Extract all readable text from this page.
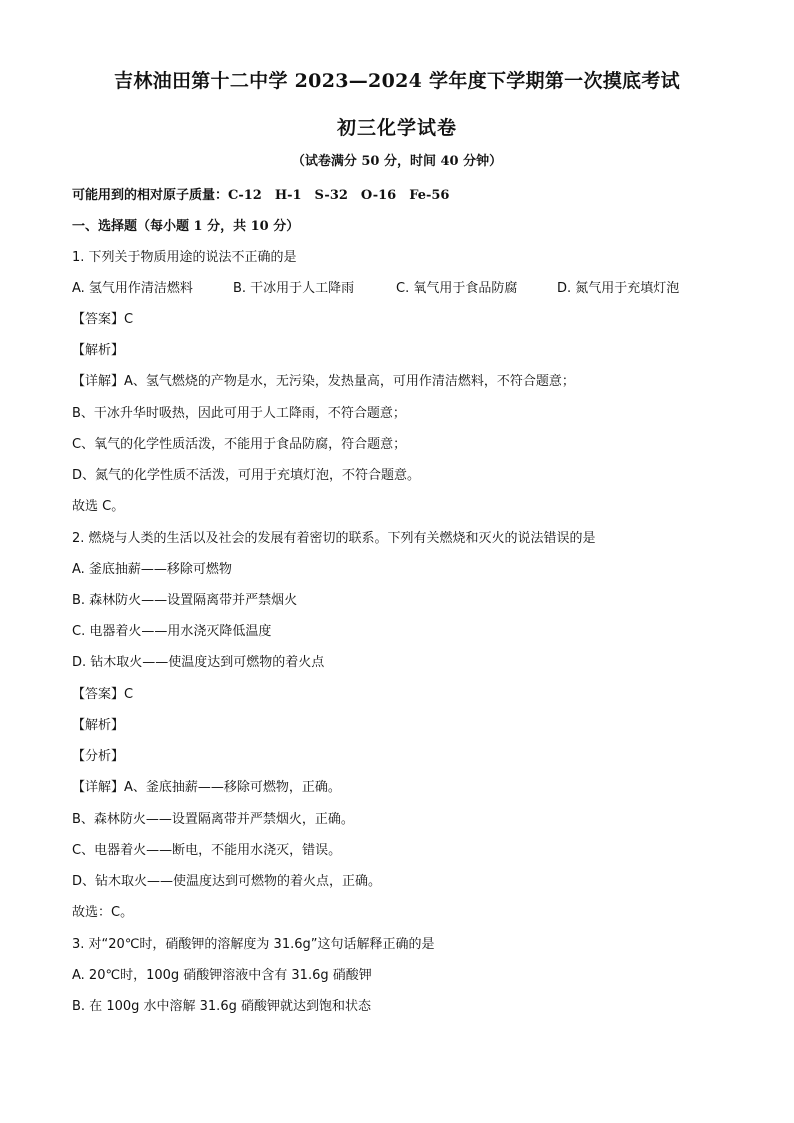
吉林油田第十二中学 2023—2024 学年度下学期第一次摸底考试
初三化学试卷
（试卷满分 50 分，时间 40 分钟）
可能用到的相对原子质量：C-12　H-1　S-32　O-16　Fe-56
一、选择题（每小题 1 分，共 10 分）
1. 下列关于物质用途的说法不正确的是
A. 氢气用作清洁燃料	B. 干冰用于人工降雨	C. 氧气用于食品防腐	D. 氮气用于充填灯泡
【答案】C
【解析】
【详解】A、氢气燃烧的产物是水，无污染，发热量高，可用作清洁燃料，不符合题意；
B、干冰升华时吸热，因此可用于人工降雨，不符合题意；
C、氧气的化学性质活泼，不能用于食品防腐，符合题意；
D、氮气的化学性质不活泼，可用于充填灯泡，不符合题意。
故选 C。
2. 燃烧与人类的生活以及社会的发展有着密切的联系。下列有关燃烧和灭火的说法错误的是
A. 釜底抽薪——移除可燃物
B. 森林防火——设置隔离带并严禁烟火
C. 电器着火——用水浇灭降低温度
D. 钻木取火——使温度达到可燃物的着火点
【答案】C
【解析】
【分析】
【详解】A、釜底抽薪——移除可燃物，正确。
B、森林防火——设置隔离带并严禁烟火，正确。
C、电器着火——断电，不能用水浇灭，错误。
D、钻木取火——使温度达到可燃物的着火点，正确。
故选：C。
3. 对“20℃时，硝酸钾的溶解度为 31.6g”这句话解释正确的是
A. 20℃时，100g 硝酸钾溶液中含有 31.6g 硝酸钾
B. 在 100g 水中溶解 31.6g 硝酸钾就达到饱和状态
